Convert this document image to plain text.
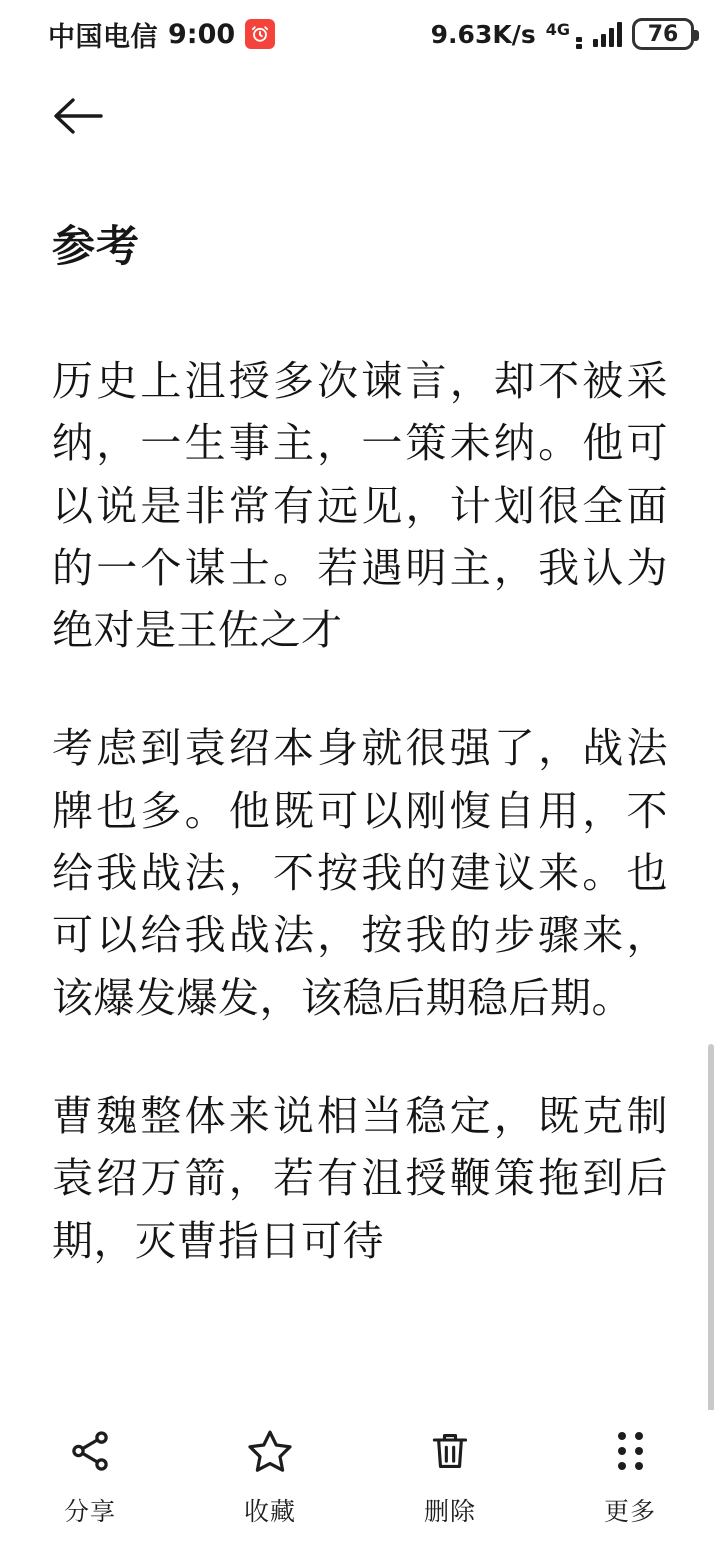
中国电信 9:00	9.63K/s 4G	76
参考

历史上沮授多次谏言，却不被采纳，一生事主，一策未纳。他可以说是非常有远见，计划很全面的一个谋士。若遇明主，我认为绝对是王佐之才

考虑到袁绍本身就很强了，战法牌也多。他既可以刚愎自用，不给我战法，不按我的建议来。也可以给我战法，按我的步骤来，该爆发爆发，该稳后期稳后期。

曹魏整体来说相当稳定，既克制袁绍万箭，若有沮授鞭策拖到后期，灭曹指日可待

分享	收藏	删除	更多
